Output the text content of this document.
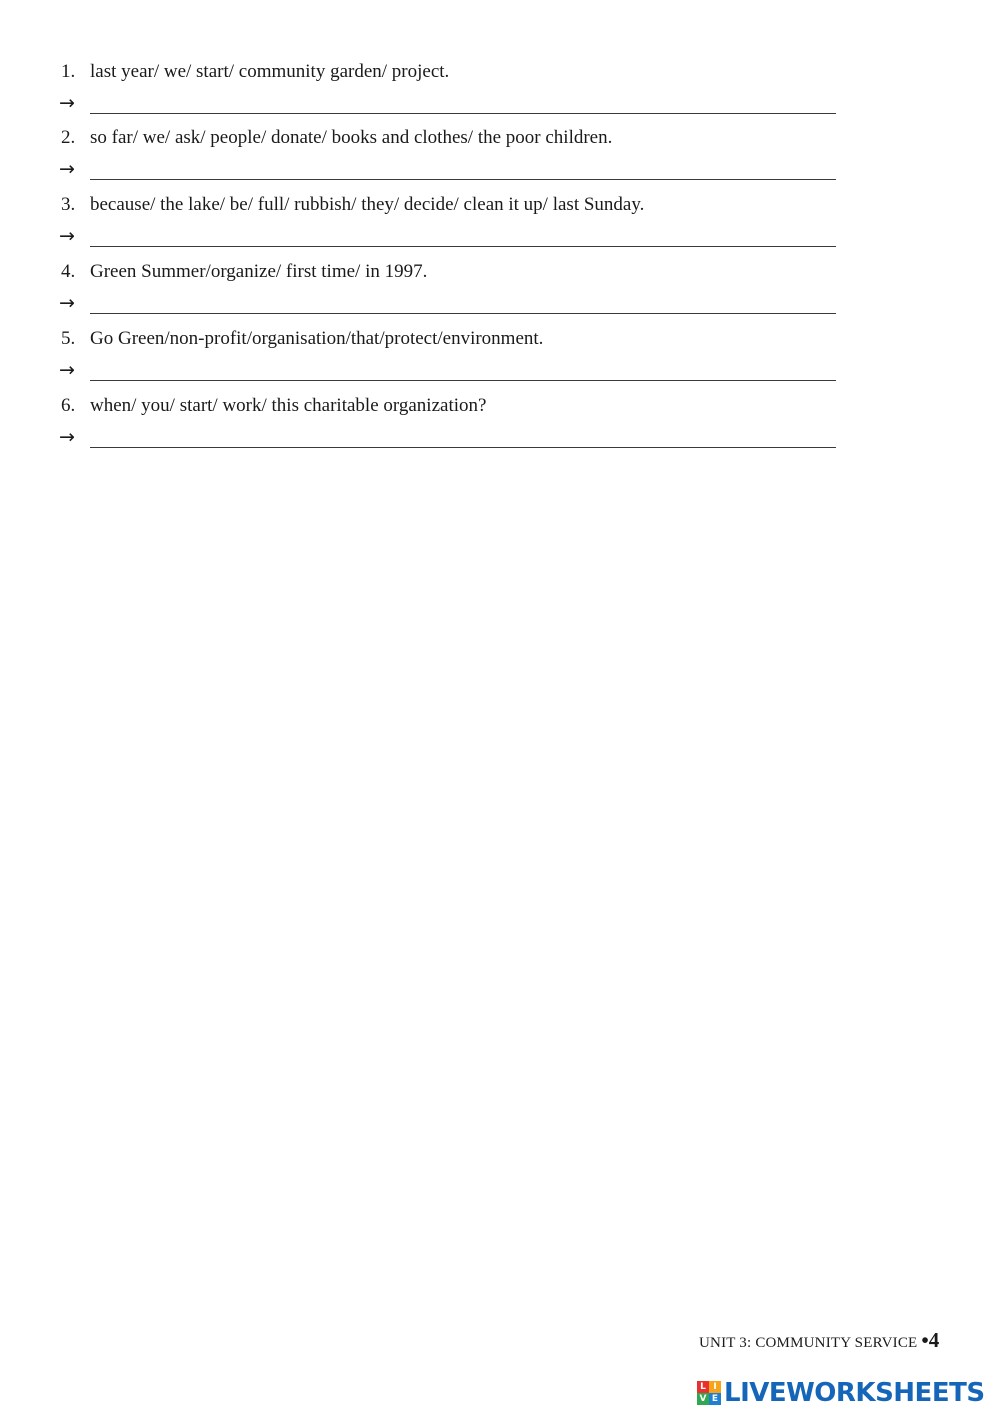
1. last year/ we/ start/ community garden/ project.
→
2. so far/ we/ ask/ people/ donate/ books and clothes/ the poor children.
→
3. because/ the lake/ be/ full/ rubbish/ they/ decide/ clean it up/ last Sunday.
→
4. Green Summer/organize/ first time/ in 1997.
→
5. Go Green/non-profit/organisation/that/protect/environment.
→
6. when/ you/ start/ work/ this charitable organization?
→
UNIT 3: COMMUNITY SERVICE •4
L I
V E LIVEWORKSHEETS
